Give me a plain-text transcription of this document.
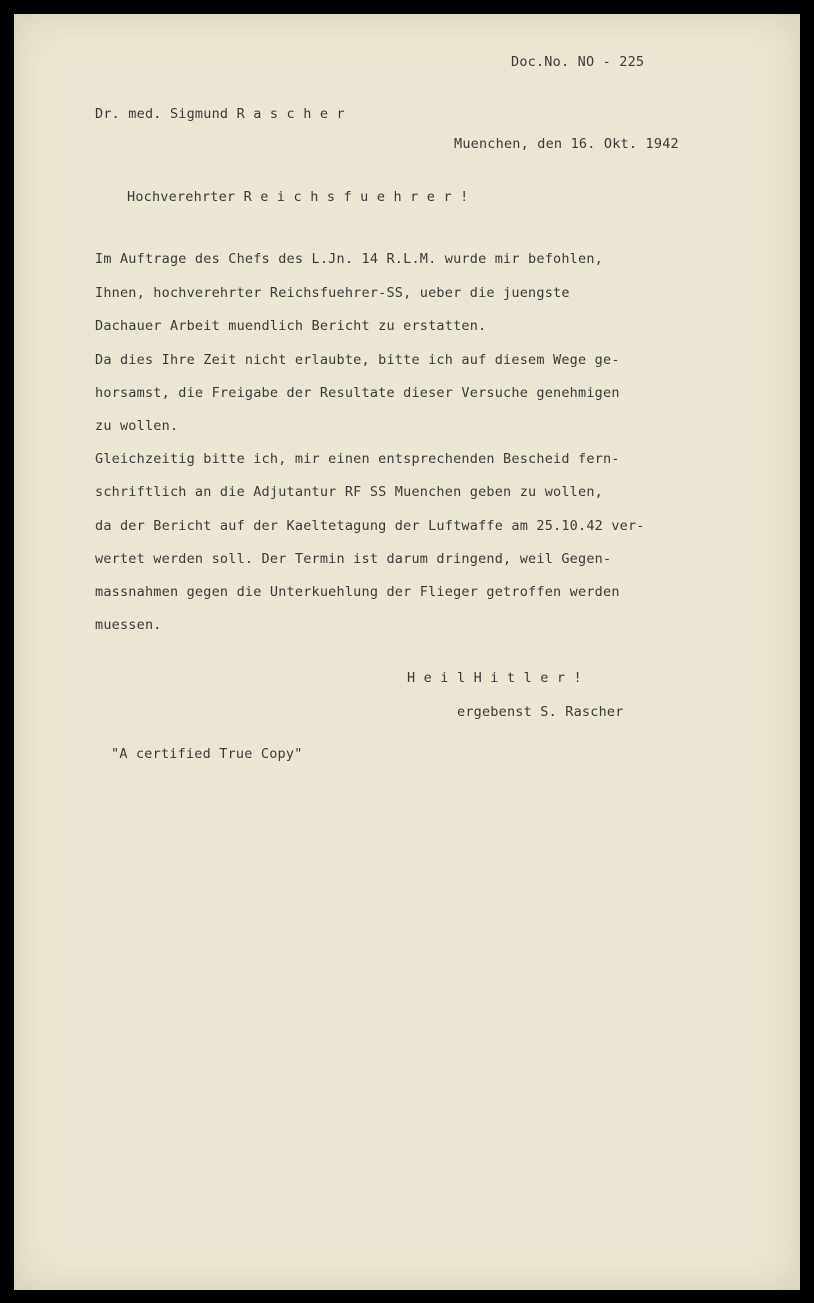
Doc.No. NO - 225
Dr. med. Sigmund R a s c h e r
Muenchen, den 16. Okt. 1942
Hochverehrter R e i c h s f u e h r e r !
Im Auftrage des Chefs des L.Jn. 14 R.L.M. wurde mir befohlen,
Ihnen, hochverehrter Reichsfuehrer-SS, ueber die juengste
Dachauer Arbeit muendlich Bericht zu erstatten.
Da dies Ihre Zeit nicht erlaubte, bitte ich auf diesem Wege ge-
horsamst, die Freigabe der Resultate dieser Versuche genehmigen
zu wollen.
Gleichzeitig bitte ich, mir einen entsprechenden Bescheid fern-
schriftlich an die Adjutantur RF SS Muenchen geben zu wollen,
da der Bericht auf der Kaeltetagung der Luftwaffe am 25.10.42 ver-
wertet werden soll. Der Termin ist darum dringend, weil Gegen-
massnahmen gegen die Unterkuehlung der Flieger getroffen werden
muessen.
H e i l H i t l e r !
ergebenst S. Rascher
"A certified True Copy"
